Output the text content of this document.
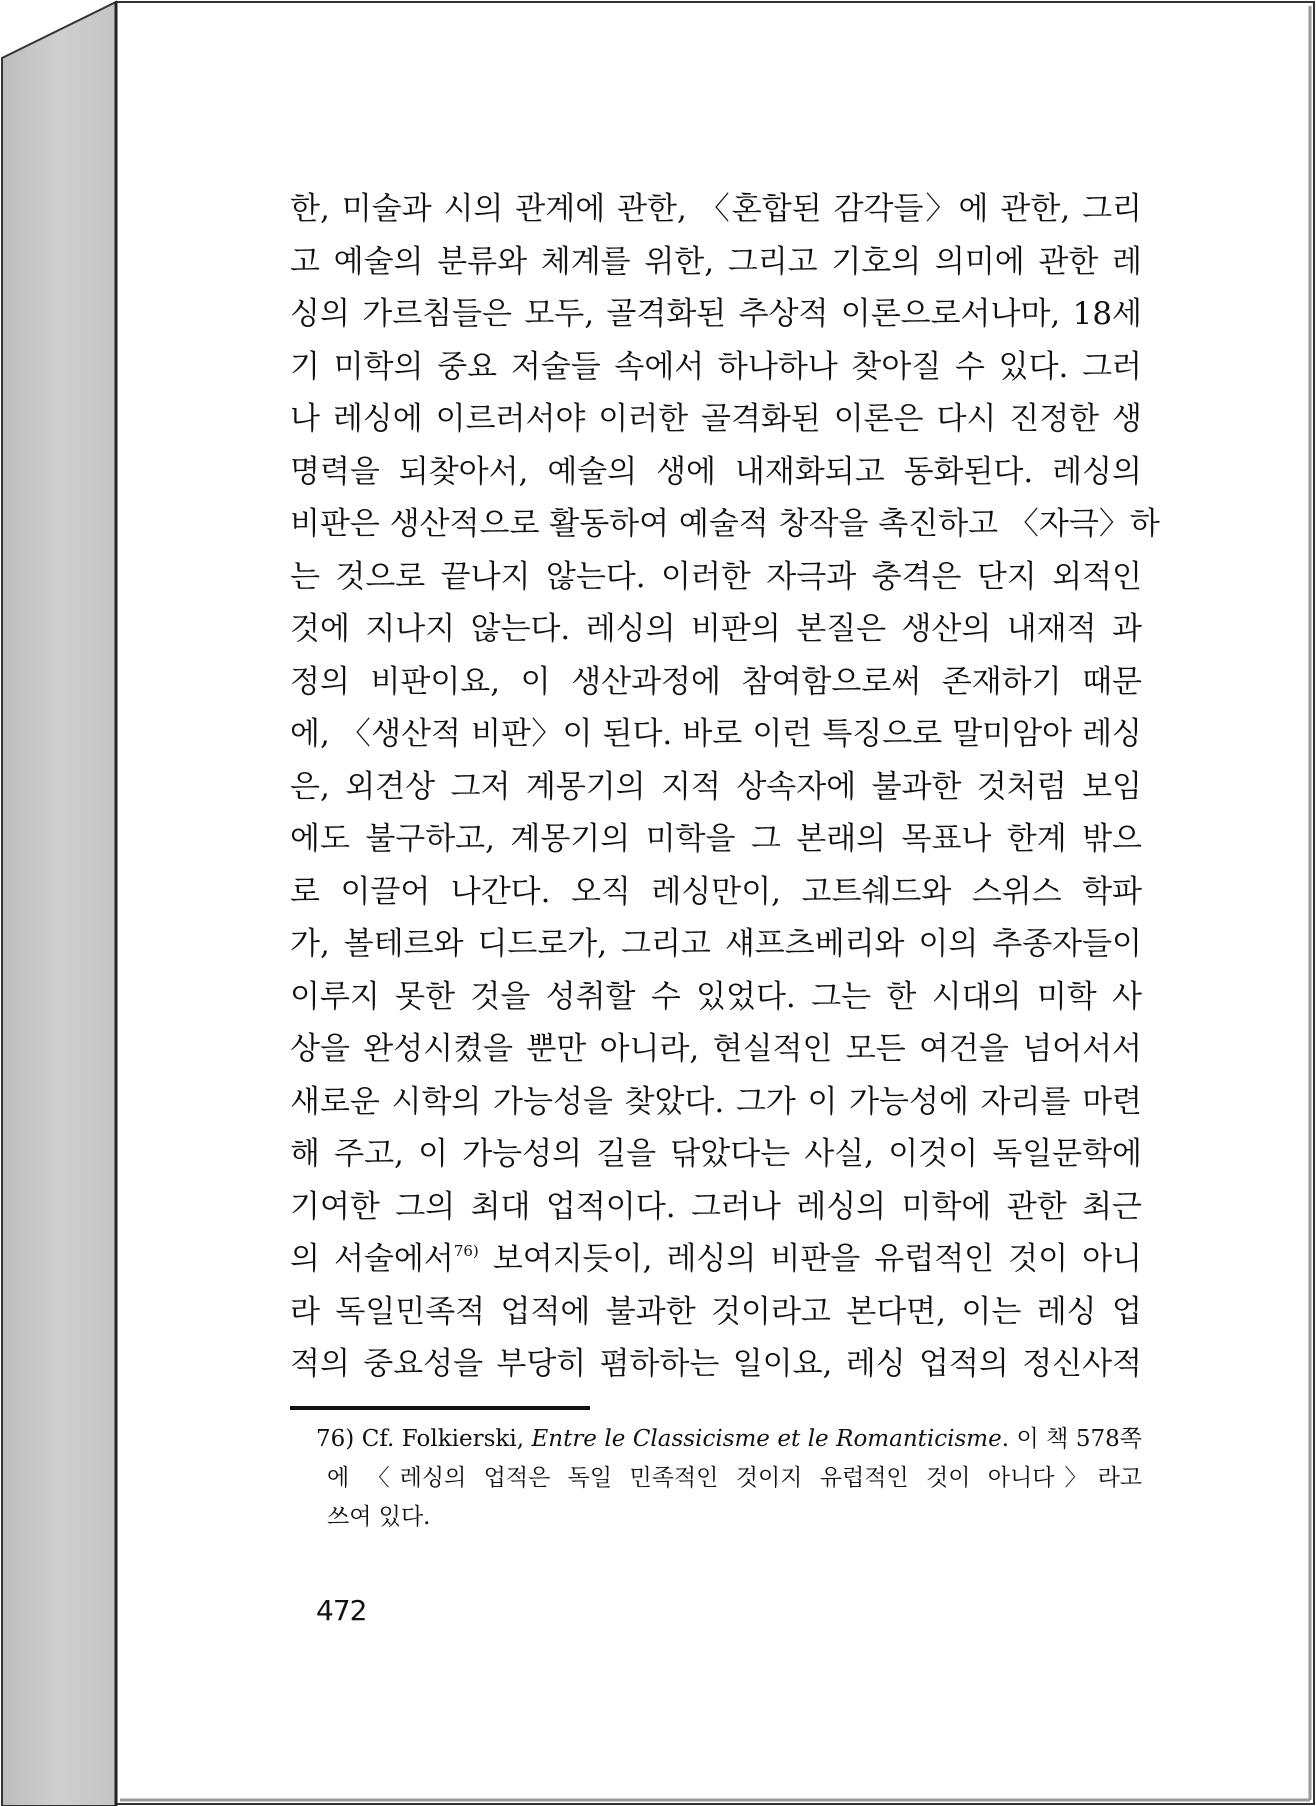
한, 미술과 시의 관계에 관한, 〈혼합된 감각들〉에 관한, 그리
고 예술의 분류와 체계를 위한, 그리고 기호의 의미에 관한 레
싱의 가르침들은 모두, 골격화된 추상적 이론으로서나마, 18세
기 미학의 중요 저술들 속에서 하나하나 찾아질 수 있다. 그러
나 레싱에 이르러서야 이러한 골격화된 이론은 다시 진정한 생
명력을 되찾아서, 예술의 생에 내재화되고 동화된다. 레싱의
비판은 생산적으로 활동하여 예술적 창작을 촉진하고 〈자극〉하
는 것으로 끝나지 않는다. 이러한 자극과 충격은 단지 외적인
것에 지나지 않는다. 레싱의 비판의 본질은 생산의 내재적 과
정의 비판이요, 이 생산과정에 참여함으로써 존재하기 때문
에, 〈생산적 비판〉이 된다. 바로 이런 특징으로 말미암아 레싱
은, 외견상 그저 계몽기의 지적 상속자에 불과한 것처럼 보임
에도 불구하고, 계몽기의 미학을 그 본래의 목표나 한계 밖으
로 이끌어 나간다. 오직 레싱만이, 고트쉐드와 스위스 학파
가, 볼테르와 디드로가, 그리고 섀프츠베리와 이의 추종자들이
이루지 못한 것을 성취할 수 있었다. 그는 한 시대의 미학 사
상을 완성시켰을 뿐만 아니라, 현실적인 모든 여건을 넘어서서
새로운 시학의 가능성을 찾았다. 그가 이 가능성에 자리를 마련
해 주고, 이 가능성의 길을 닦았다는 사실, 이것이 독일문학에
기여한 그의 최대 업적이다. 그러나 레싱의 미학에 관한 최근
의 서술에서$^{76)}$ 보여지듯이, 레싱의 비판을 유럽적인 것이 아니
라 독일민족적 업적에 불과한 것이라고 본다면, 이는 레싱 업
적의 중요성을 부당히 폄하하는 일이요, 레싱 업적의 정신사적
76) Cf. Folkierski, Entre le Classicisme et le Romanticisme. 이 책 578쪽
에 〈레싱의 업적은 독일 민족적인 것이지 유럽적인 것이 아니다〉라고
쓰여 있다.
472
